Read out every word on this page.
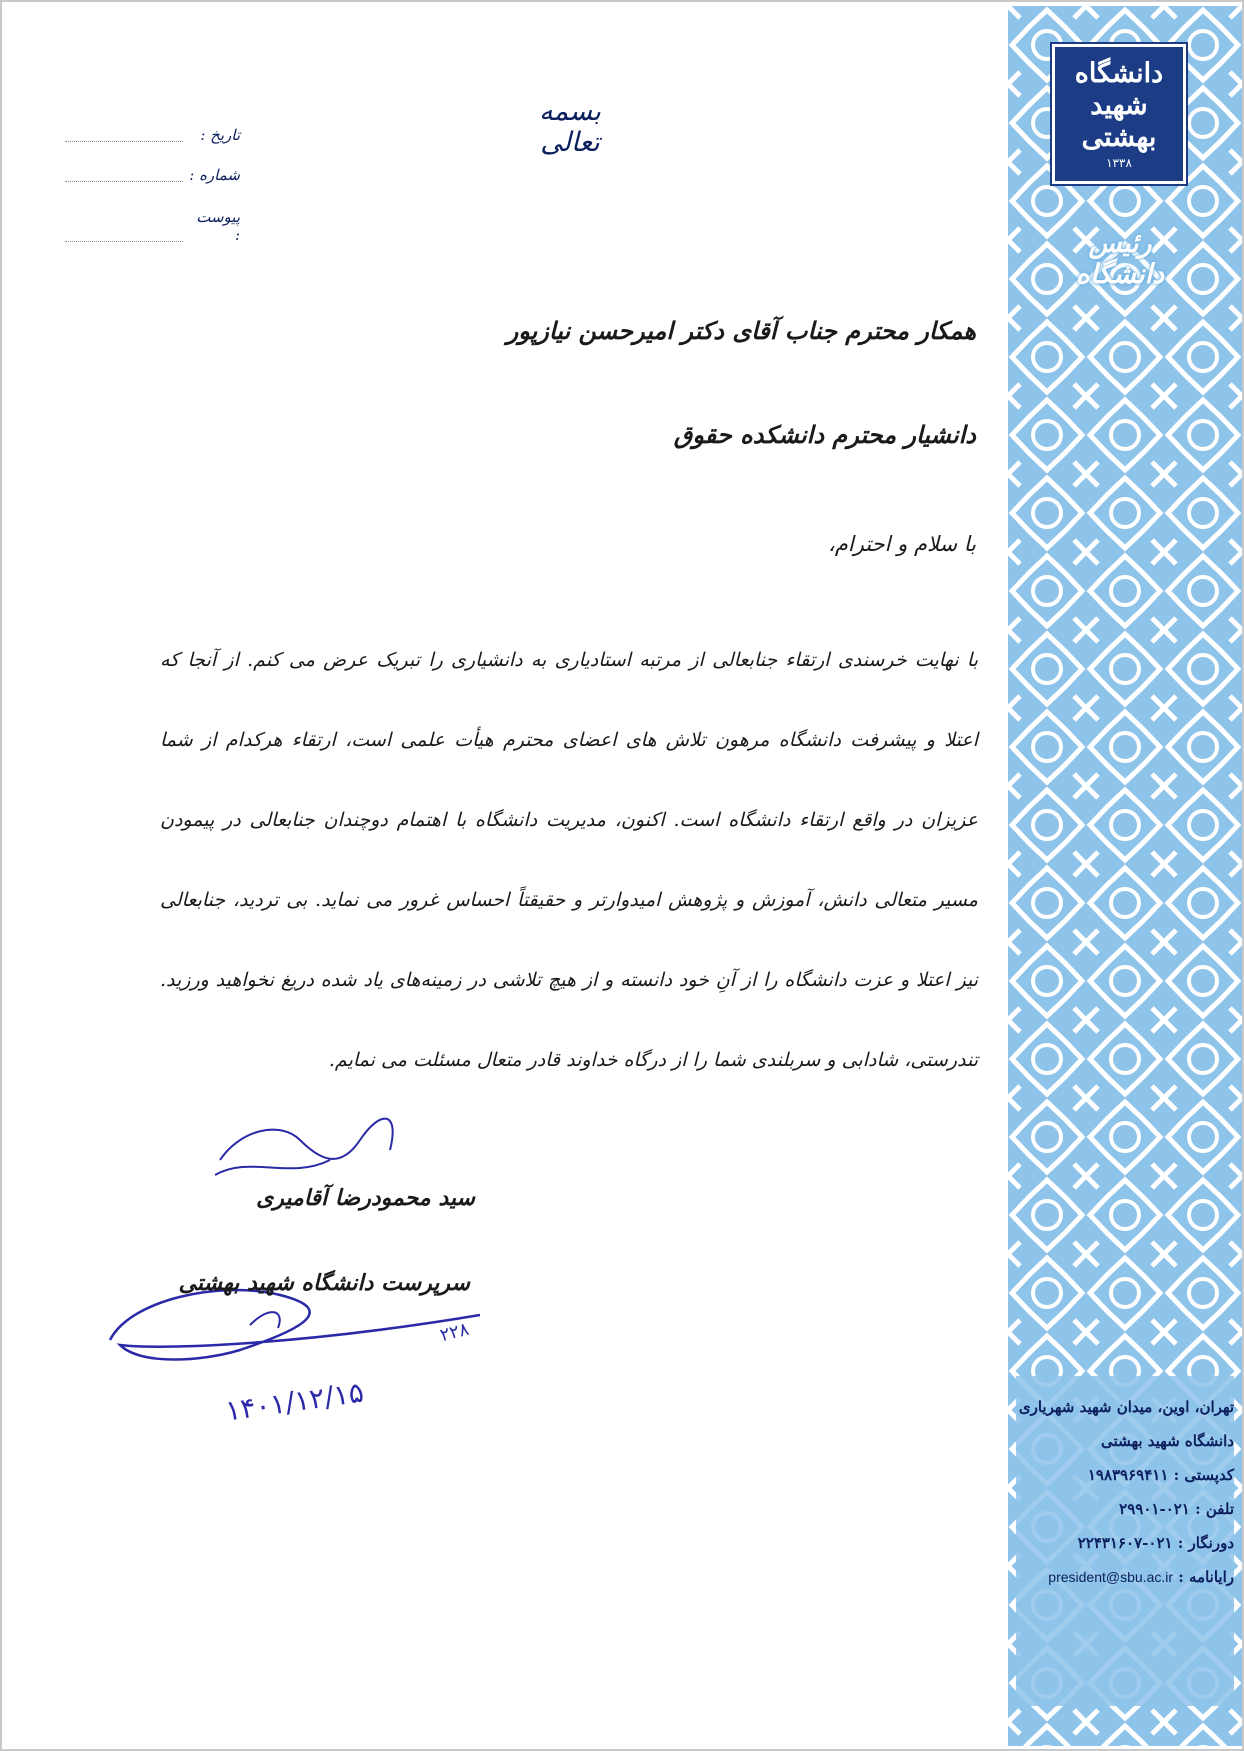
دانشگاه
شهید
بهشتی
۱۳۳۸
رئیس دانشگاه
تهران، اوین، میدان شهید شهریاری
دانشگاه شهید بهشتی
کدپستی : ۱۹۸۳۹۶۹۴۱۱
تلفن : ۰۲۱-۲۹۹۰۱
دورنگار : ۰۲۱-۲۲۴۳۱۶۰۷
رایانامه : president@sbu.ac.ir
بسمه تعالی
تاریخ :
شماره :
پیوست :
همکار محترم جناب آقای دکتر امیرحسن نیازپور
دانشیار محترم دانشکده حقوق
با سلام و احترام،
با نهایت خرسندی ارتقاء جنابعالی از مرتبه استادیاری به دانشیاری را تبریک عرض می کنم. از آنجا که اعتلا و پیشرفت دانشگاه مرهون تلاش های اعضای محترم هیأت علمی است، ارتقاء هرکدام از شما عزیزان در واقع ارتقاء دانشگاه است. اکنون، مدیریت دانشگاه با اهتمام دوچندان جنابعالی در پیمودن مسیر متعالی دانش، آموزش و پژوهش امیدوارتر و حقیقتاً احساس غرور می نماید. بی تردید، جنابعالی نیز اعتلا و عزت دانشگاه را از آنِ خود دانسته و از هیچ تلاشی در زمینه‌های یاد شده دریغ نخواهید ورزید. تندرستی، شادابی و سربلندی شما را از درگاه خداوند قادر متعال مسئلت می نمایم.
سید محمودرضا آقامیری
سرپرست دانشگاه شهید بهشتی
۲۲۸
۱۴۰۱/۱۲/۱۵
